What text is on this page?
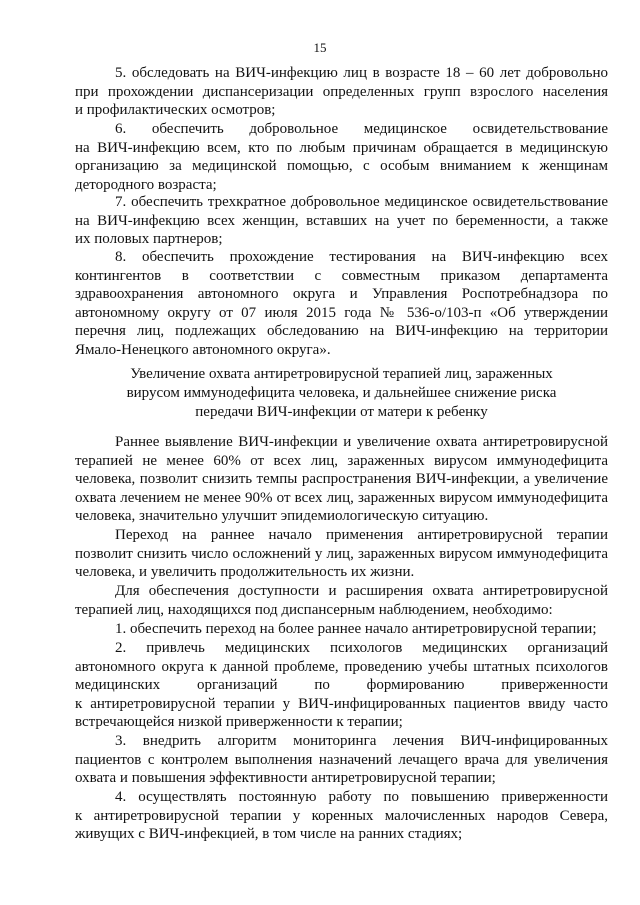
15
5. обследовать на ВИЧ-инфекцию лиц в возрасте 18 – 60 лет добровольно
при прохождении диспансеризации определенных групп взрослого населения
и профилактических осмотров;
6. обеспечить добровольное медицинское освидетельствование
на ВИЧ-инфекцию всем, кто по любым причинам обращается в медицинскую
организацию за медицинской помощью, с особым вниманием к женщинам
детородного возраста;
7. обеспечить трехкратное добровольное медицинское освидетельствование
на ВИЧ-инфекцию всех женщин, вставших на учет по беременности, а также
их половых партнеров;
8. обеспечить прохождение тестирования на ВИЧ-инфекцию всех
контингентов в соответствии с совместным приказом департамента
здравоохранения автономного округа и Управления Роспотребнадзора по
автономному округу от 07 июля 2015 года № 536-о/103-п «Об утверждении
перечня лиц, подлежащих обследованию на ВИЧ-инфекцию на территории
Ямало-Ненецкого автономного округа».
Увеличение охвата антиретровирусной терапией лиц, зараженных
вирусом иммунодефицита человека, и дальнейшее снижение риска
передачи ВИЧ-инфекции от матери к ребенку
Раннее выявление ВИЧ-инфекции и увеличение охвата антиретровирусной
терапией не менее 60% от всех лиц, зараженных вирусом иммунодефицита
человека, позволит снизить темпы распространения ВИЧ-инфекции, а увеличение
охвата лечением не менее 90% от всех лиц, зараженных вирусом иммунодефицита
человека, значительно улучшит эпидемиологическую ситуацию.
Переход на раннее начало применения антиретровирусной терапии
позволит снизить число осложнений у лиц, зараженных вирусом иммунодефицита
человека, и увеличить продолжительность их жизни.
Для обеспечения доступности и расширения охвата антиретровирусной
терапией лиц, находящихся под диспансерным наблюдением, необходимо:
1. обеспечить переход на более раннее начало антиретровирусной терапии;
2. привлечь медицинских психологов медицинских организаций
автономного округа к данной проблеме, проведению учебы штатных психологов
медицинских организаций по формированию приверженности
к антиретровирусной терапии у ВИЧ-инфицированных пациентов ввиду часто
встречающейся низкой приверженности к терапии;
3. внедрить алгоритм мониторинга лечения ВИЧ-инфицированных
пациентов с контролем выполнения назначений лечащего врача для увеличения
охвата и повышения эффективности антиретровирусной терапии;
4. осуществлять постоянную работу по повышению приверженности
к антиретровирусной терапии у коренных малочисленных народов Севера,
живущих с ВИЧ-инфекцией, в том числе на ранних стадиях;
